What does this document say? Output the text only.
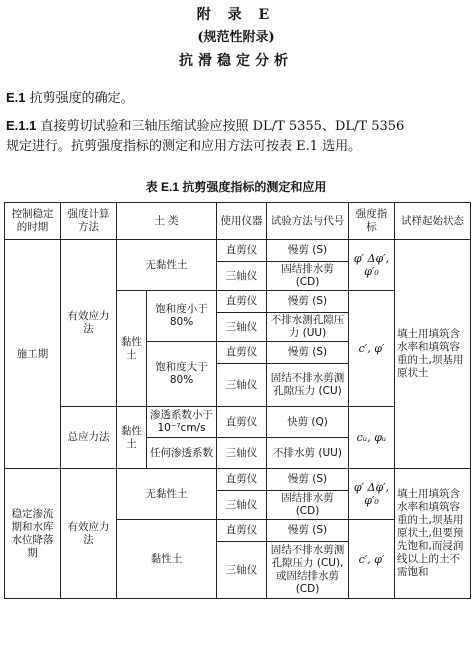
附 录 E
(规范性附录)
抗滑稳定分析
E.1 抗剪强度的确定。
E.1.1 直接剪切试验和三轴压缩试验应按照 DL/T 5355、DL/T 5356
规定进行。抗剪强度指标的测定和应用方法可按表 E.1 选用。
表 E.1 抗剪强度指标的测定和应用
控制稳定的时期	强度计算方法	土 类		使用仪器	试验方法与代号	强度指标	试样起始状态
施工期	有效应力法	无黏性土		直剪仪	慢剪 (S)	φ′ Δφ′, φ′₀	填土用填筑含水率和填筑容重的土,坝基用原状土
				三轴仪	固结排水剪 (CD)		
		黏性土	饱和度小于 80%	直剪仪	慢剪 (S)	c′, φ′	
				三轴仪	不排水测孔隙压力 (UU)		
			饱和度大于 80%	直剪仪	慢剪 (S)		
				三轴仪	固结不排水剪测孔隙压力 (CU)		

	总应力法	黏性土	渗透系数小于 10⁻⁷cm/s	直剪仪	快剪 (Q)	cᵤ, φᵤ	

			任何渗透系数	三轴仪	不排水剪 (UU)		

稳定渗流期和水库水位降落期	有效应力法	无黏性土		直剪仪	慢剪 (S)	φ′ Δφ′, φ′₀	填土用填筑含水率和填筑容重的土,坝基用原状土,但要预先饱和,而浸润线以上的土不需饱和
				三轴仪	固结排水剪 (CD)		
		黏性土		直剪仪	慢剪 (S)	c′, φ′	
				三轴仪	固结不排水剪测孔隙压力 (CU),或固结排水剪 (CD)		
